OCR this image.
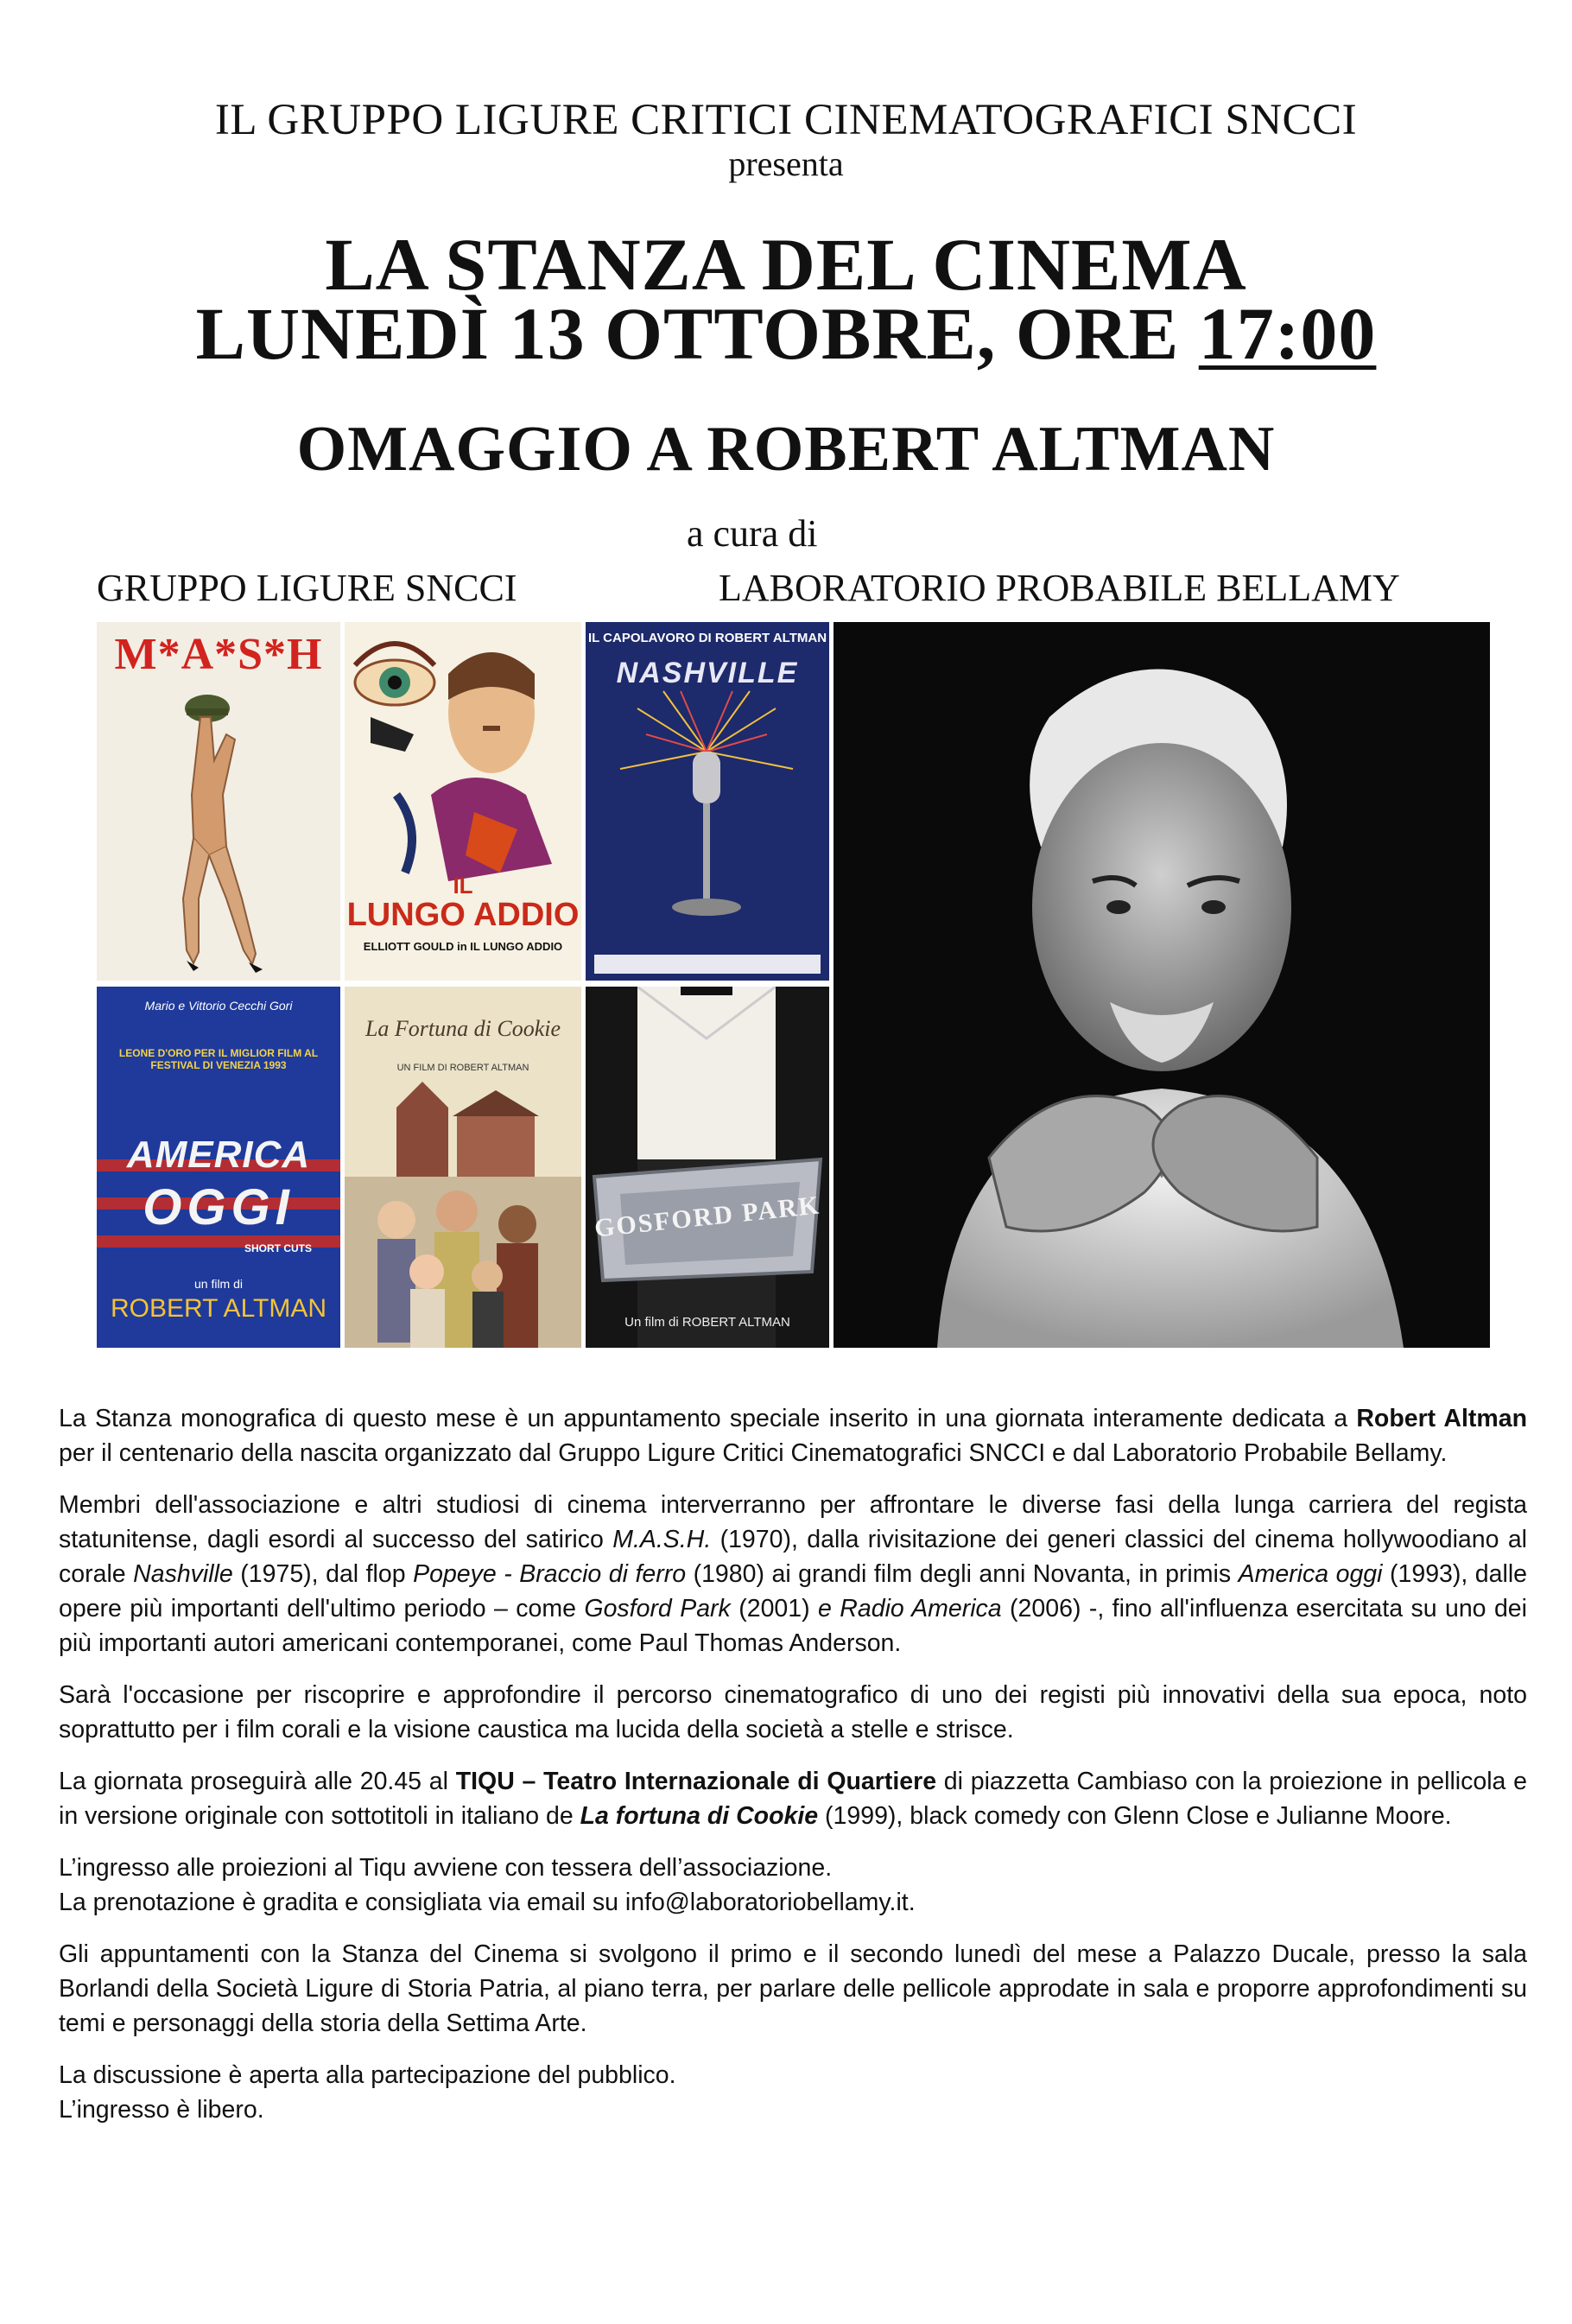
IL GRUPPO LIGURE CRITICI CINEMATOGRAFICI SNCCI
presenta
LA STANZA DEL CINEMA
LUNEDÌ 13 OTTOBRE, ORE 17:00
OMAGGIO A ROBERT ALTMAN
a cura di
GRUPPO LIGURE SNCCI	LABORATORIO PROBABILE BELLAMY
M*A*S*H
IL
LUNGO ADDIO
ELLIOTT GOULD in IL LUNGO ADDIO
IL CAPOLAVORO DI ROBERT ALTMAN
NASHVILLE
Mario e Vittorio Cecchi Gori
LEONE D'ORO PER IL MIGLIOR FILM AL FESTIVAL DI VENEZIA 1993
AMERICA
OGGI
SHORT CUTS
un film di
ROBERT ALTMAN
La Fortuna di Cookie
UN FILM DI ROBERT ALTMAN
GOSFORD PARK
Un film di ROBERT ALTMAN

La Stanza monografica di questo mese è un appuntamento speciale inserito in una giornata interamente dedicata a Robert Altman per il centenario della nascita organizzato dal Gruppo Ligure Critici Cinematografici SNCCI e dal Laboratorio Probabile Bellamy.

Membri dell'associazione e altri studiosi di cinema interverranno per affrontare le diverse fasi della lunga carriera del regista statunitense, dagli esordi al successo del satirico M.A.S.H. (1970), dalla rivisitazione dei generi classici del cinema hollywoodiano al corale Nashville (1975), dal flop Popeye - Braccio di ferro (1980) ai grandi film degli anni Novanta, in primis America oggi (1993), dalle opere più importanti dell'ultimo periodo – come Gosford Park (2001) e Radio America (2006) -, fino all'influenza esercitata su uno dei più importanti autori americani contemporanei, come Paul Thomas Anderson.

Sarà l'occasione per riscoprire e approfondire il percorso cinematografico di uno dei registi più innovativi della sua epoca, noto soprattutto per i film corali e la visione caustica ma lucida della società a stelle e strisce.

La giornata proseguirà alle 20.45 al TIQU – Teatro Internazionale di Quartiere di piazzetta Cambiaso con la proiezione in pellicola e in versione originale con sottotitoli in italiano de La fortuna di Cookie (1999), black comedy con Glenn Close e Julianne Moore.

L’ingresso alle proiezioni al Tiqu avviene con tessera dell’associazione.
La prenotazione è gradita e consigliata via email su info@laboratoriobellamy.it.

Gli appuntamenti con la Stanza del Cinema si svolgono il primo e il secondo lunedì del mese a Palazzo Ducale, presso la sala Borlandi della Società Ligure di Storia Patria, al piano terra, per parlare delle pellicole approdate in sala e proporre approfondimenti su temi e personaggi della storia della Settima Arte.

La discussione è aperta alla partecipazione del pubblico.
L’ingresso è libero.
